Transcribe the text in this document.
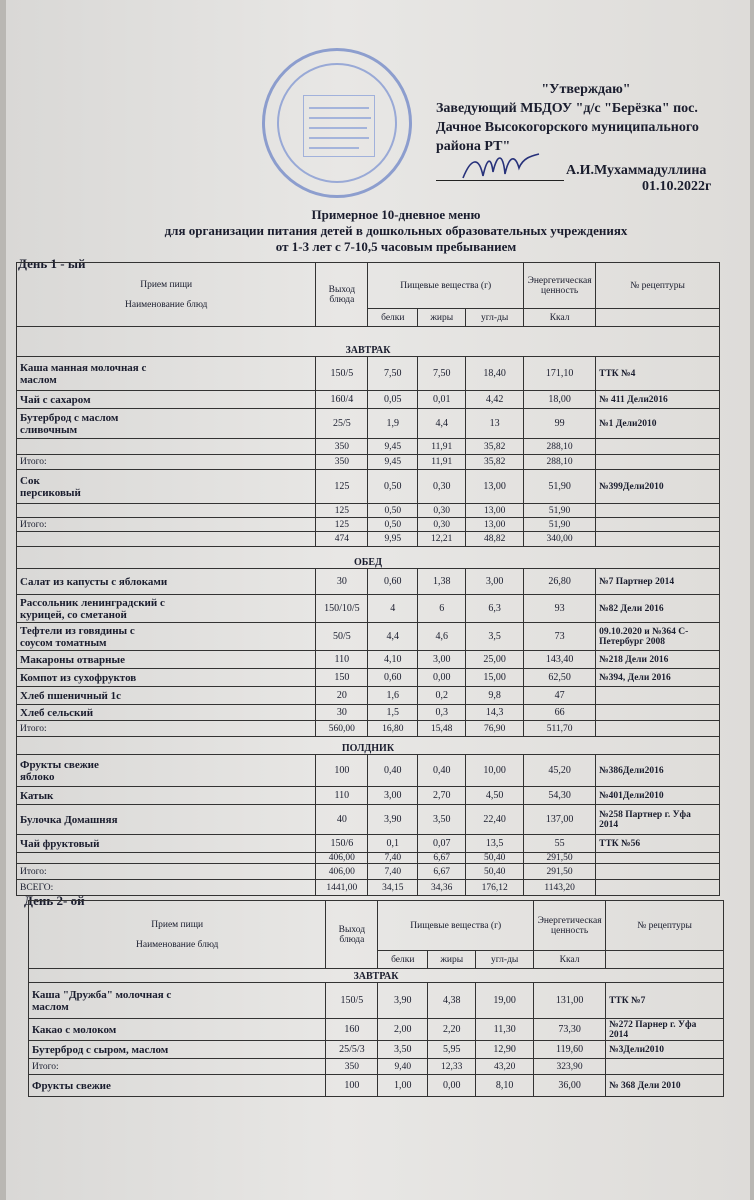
"Утверждаю"
Заведующий МБДОУ "д/с "Берёзка" пос. Дачное Высокогорского муниципального района РТ"
А.И.Мухаммадуллина
01.10.2022г
Примерное 10-дневное меню
для организации питания детей в дошкольных образовательных учреждениях
от 1-3 лет с 7-10,5 часовым пребыванием
День 1 - ый
Прием пищи

Наименование блюд	Выход блюда	Пищевые вещества (г)			Энергетическая ценность	№ рецептуры
		белки	жиры	угл-ды	Ккал	
ЗАВТРАК						
Каша манная молочная с
маслом	150/5	7,50	7,50	18,40	171,10	ТТК №4
Чай с сахаром	160/4	0,05	0,01	4,42	18,00	№ 411 Дели2016
Бутерброд с маслом
сливочным	25/5	1,9	4,4	13	99	№1 Дели2010
	350	9,45	11,91	35,82	288,10	
Итого:	350	9,45	11,91	35,82	288,10	
Сок
персиковый	125	0,50	0,30	13,00	51,90	№399Дели2010
	125	0,50	0,30	13,00	51,90	
Итого:	125	0,50	0,30	13,00	51,90	
	474	9,95	12,21	48,82	340,00	
ОБЕД						
Салат из капусты с яблоками	30	0,60	1,38	3,00	26,80	№7 Партнер 2014
Рассольник ленинградский с
курицей, со сметаной	150/10/5	4	6	6,3	93	№82 Дели 2016
Тефтели из говядины с
соусом томатным	50/5	4,4	4,6	3,5	73	09.10.2020 и №364 С-
Петербург 2008
Макароны отварные	110	4,10	3,00	25,00	143,40	№218 Дели 2016
Компот из сухофруктов	150	0,60	0,00	15,00	62,50	№394, Дели 2016
Хлеб пшеничный 1с	20	1,6	0,2	9,8	47	
Хлеб сельский	30	1,5	0,3	14,3	66	
Итого:	560,00	16,80	15,48	76,90	511,70	
ПОЛДНИК						
Фрукты свежие
яблоко	100	0,40	0,40	10,00	45,20	№386Дели2016
Катык	110	3,00	2,70	4,50	54,30	№401Дели2010
Булочка Домашняя	40	3,90	3,50	22,40	137,00	№258 Партнер г. Уфа
2014
Чай фруктовый	150/6	0,1	0,07	13,5	55	ТТК №56
	406,00	7,40	6,67	50,40	291,50	
Итого:	406,00	7,40	6,67	50,40	291,50	
ВСЕГО:	1441,00	34,15	34,36	176,12	1143,20	
День 2- ой
Прием пищи

Наименование блюд	Выход блюда	Пищевые вещества (г)			Энергетическая ценность	№ рецептуры
		белки	жиры	угл-ды	Ккал	
ЗАВТРАК						
Каша "Дружба" молочная с
маслом	150/5	3,90	4,38	19,00	131,00	ТТК №7
Какао с молоком	160	2,00	2,20	11,30	73,30	№272 Парнер г. Уфа
2014
Бутерброд с сыром, маслом	25/5/3	3,50	5,95	12,90	119,60	№3Дели2010
Итого:	350	9,40	12,33	43,20	323,90	
Фрукты свежие	100	1,00	0,00	8,10	36,00	№ 368 Дели 2010
